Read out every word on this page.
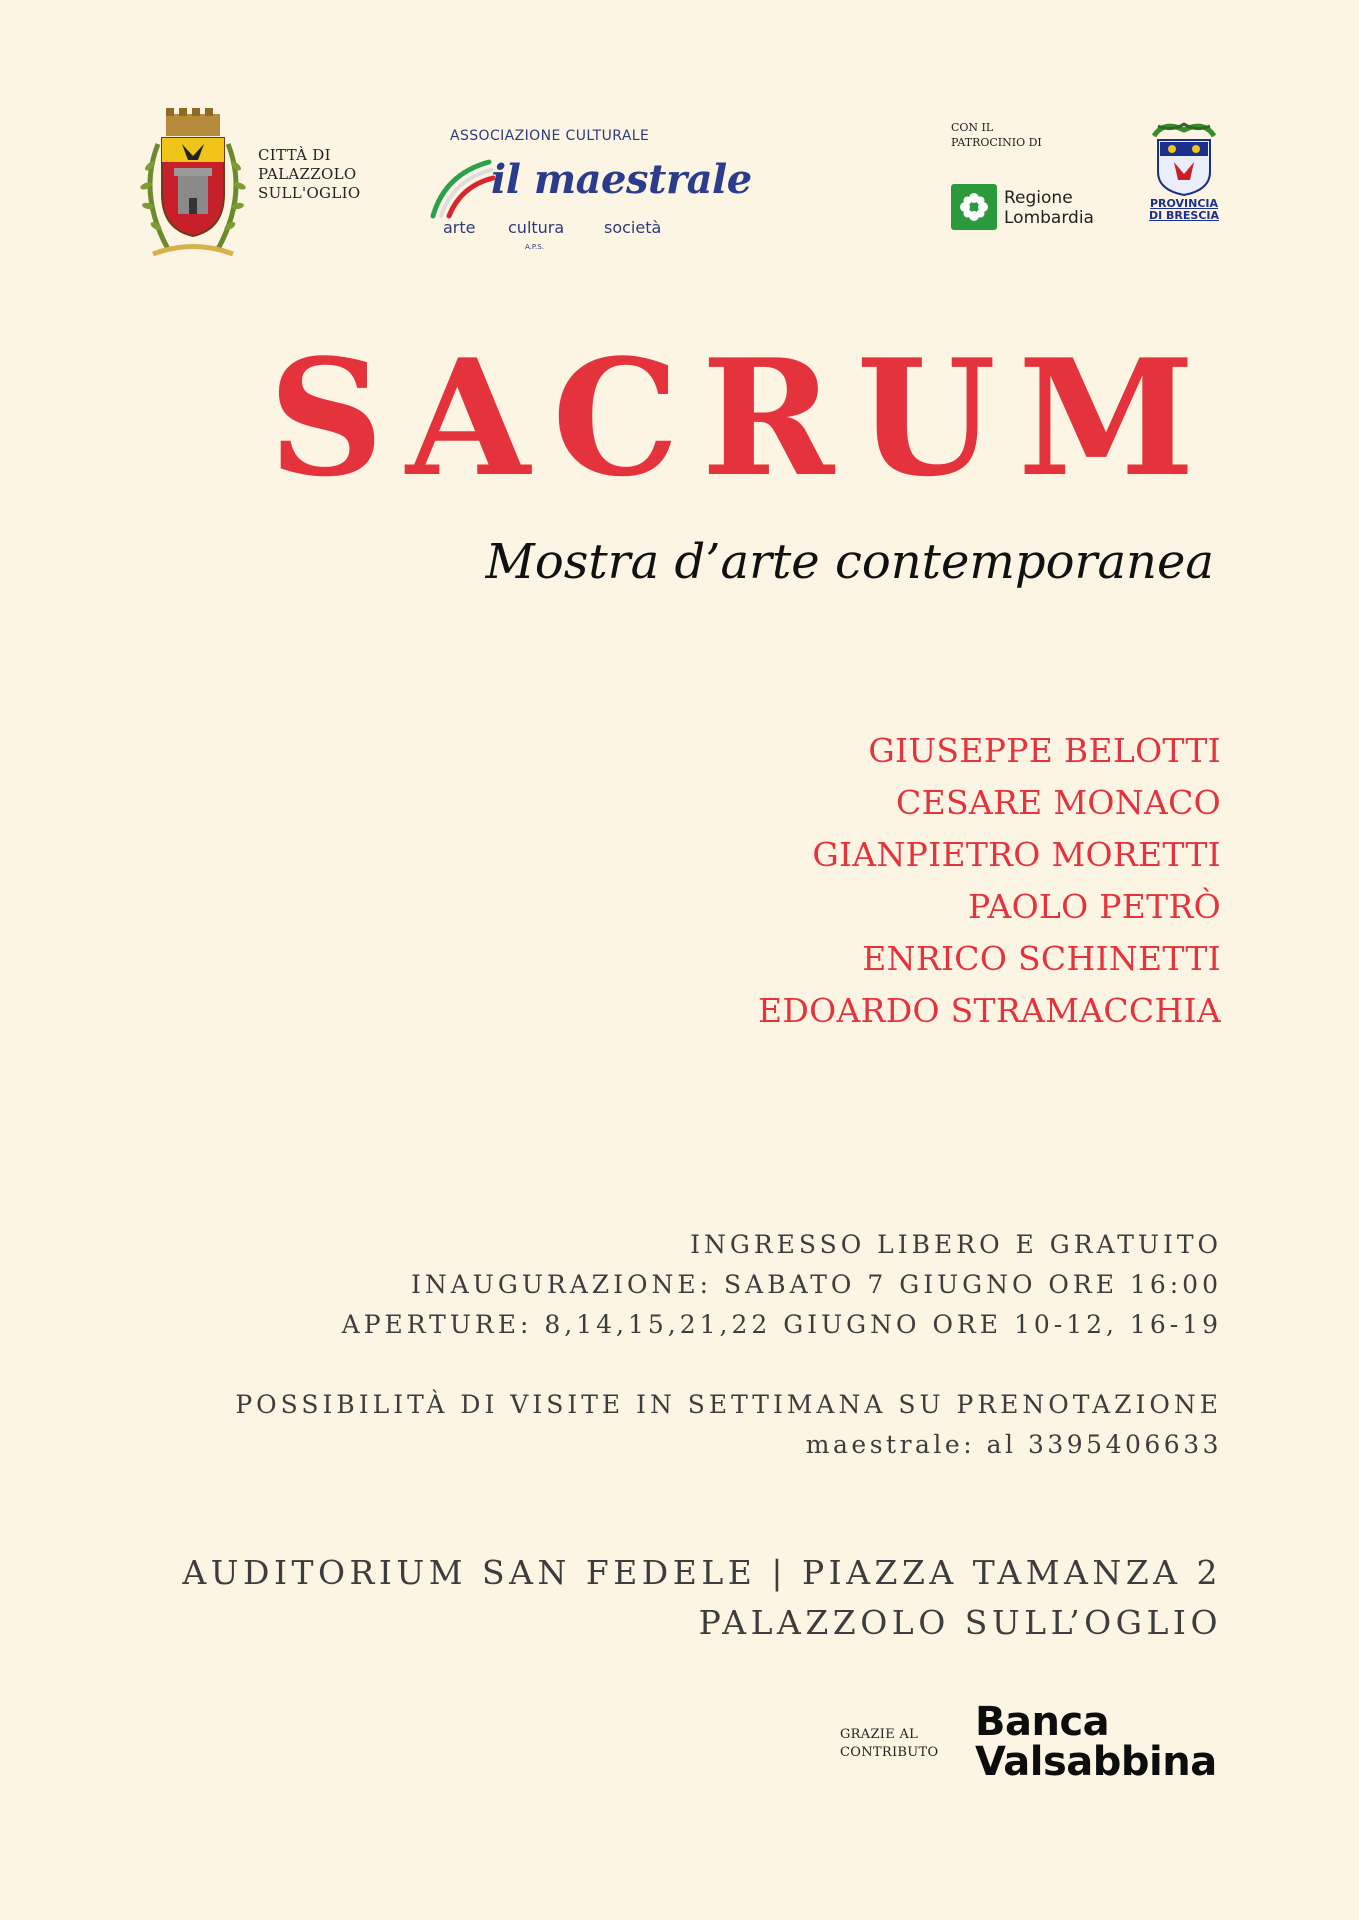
CITTÀ DI
PALAZZOLO
SULL'OGLIO
ASSOCIAZIONE CULTURALE
il maestrale
arte cultura società
A.P.S.
CON IL
PATROCINIO DI
Regione
Lombardia
PROVINCIA
DI BRESCIA
SACRUM
Mostra d’arte contemporanea
GIUSEPPE BELOTTI
CESARE MONACO
GIANPIETRO MORETTI
PAOLO PETRÒ
ENRICO SCHINETTI
EDOARDO STRAMACCHIA
INGRESSO LIBERO E GRATUITO
INAUGURAZIONE: SABATO 7 GIUGNO ORE 16:00
APERTURE: 8,14,15,21,22 GIUGNO ORE 10-12, 16-19
POSSIBILITÀ DI VISITE IN SETTIMANA SU PRENOTAZIONE
maestrale: al 3395406633
AUDITORIUM SAN FEDELE | PIAZZA TAMANZA 2
PALAZZOLO SULL’OGLIO
GRAZIE AL
CONTRIBUTO
Banca
Valsabbina
